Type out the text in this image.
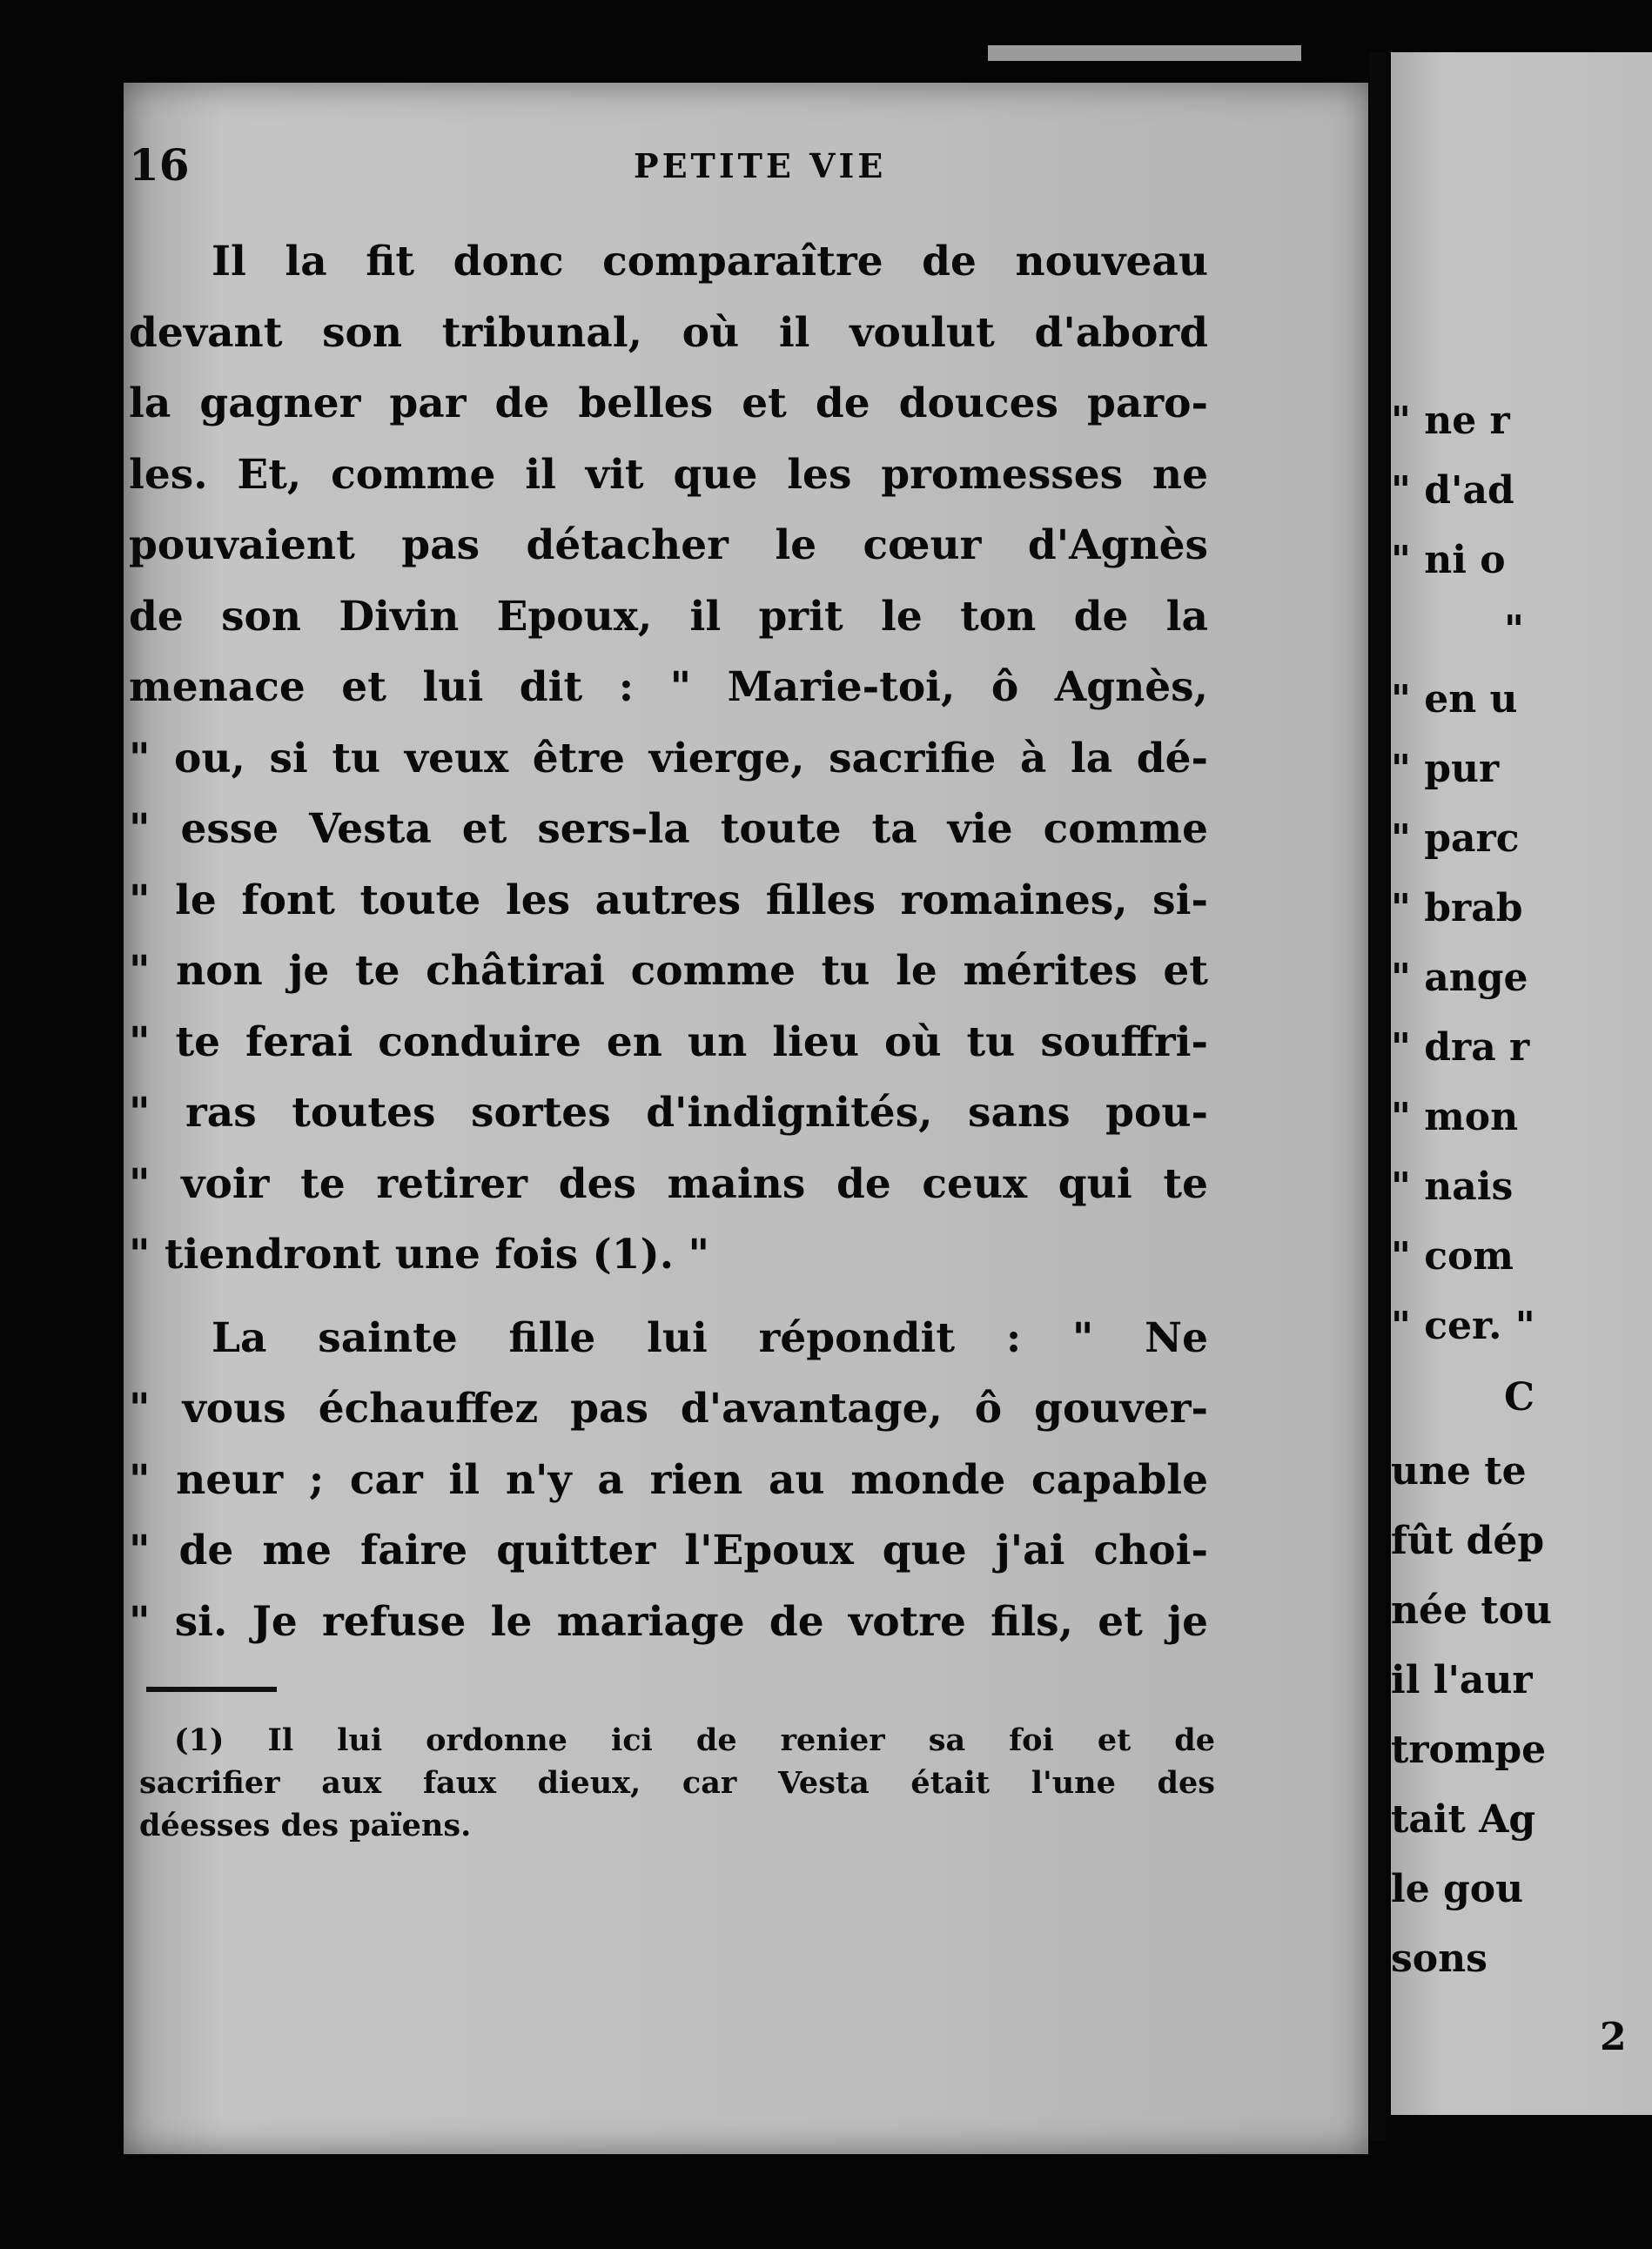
" ne r
" d'ad
" ni o
"
" en u
" pur
" parc
" brab
" ange
" dra r
" mon
" nais
" com
" cer. "
C
une te
fût dép
née tou
il l'aur
trompe
tait Ag
le gou
sons
2
16	PETITE VIE
Il la fit donc comparaître de nouveau
devant son tribunal, où il voulut d'abord
la gagner par de belles et de douces paro-
les. Et, comme il vit que les promesses ne
pouvaient pas détacher le cœur d'Agnès
de son Divin Epoux, il prit le ton de la
menace et lui dit : " Marie-toi, ô Agnès,
" ou, si tu veux être vierge, sacrifie à la dé-
" esse Vesta et sers-la toute ta vie comme
" le font toute les autres filles romaines, si-
" non je te châtirai comme tu le mérites et
" te ferai conduire en un lieu où tu souffri-
" ras toutes sortes d'indignités, sans pou-
" voir te retirer des mains de ceux qui te
" tiendront une fois (1). "
La sainte fille lui répondit : " Ne
" vous échauffez pas d'avantage, ô gouver-
" neur ; car il n'y a rien au monde capable
" de me faire quitter l'Epoux que j'ai choi-
" si. Je refuse le mariage de votre fils, et je
(1) Il lui ordonne ici de renier sa foi et de
sacrifier aux faux dieux, car Vesta était l'une des
déesses des païens.
